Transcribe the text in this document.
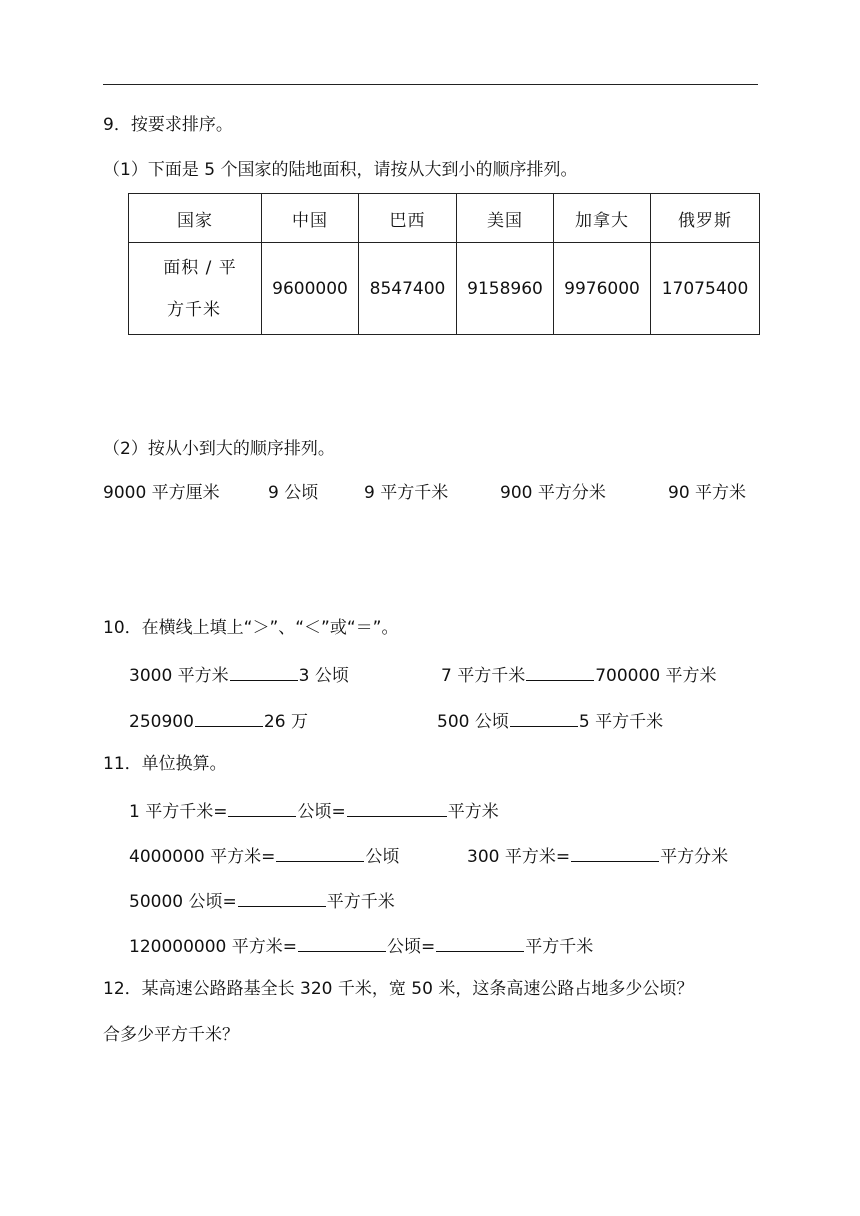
9．按要求排序。
（1）下面是 5 个国家的陆地面积，请按从大到小的顺序排列。
国家	中国	巴西	美国	加拿大	俄罗斯

面积 / 平
方千米	9600000	8547400	9158960	9976000	17075400
（2）按从小到大的顺序排列。
9000 平方厘米	9 公顷	9 平方千米	900 平方分米	90 平方米
10．在横线上填上“＞”、“＜”或“＝”。
3000 平方米	3 公顷	7 平方千米	700000 平方米
250900	26 万	500 公顷	5 平方千米
11．单位换算。
1 平方千米=	公顷=	平方米
4000000 平方米=	公顷	300 平方米=	平方分米
50000 公顷=	平方千米
120000000 平方米=	公顷=	平方千米
12．某高速公路路基全长 320 千米，宽 50 米，这条高速公路占地多少公顷？
合多少平方千米？
